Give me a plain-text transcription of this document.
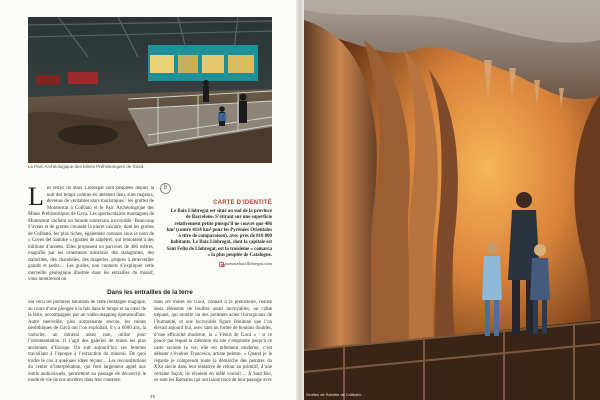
Le Parc Archéologique des Mines Préhistoriques de Gavà.
b
Les terres du Baix Llobregat sont peuplées depuis la nuit des temps comme en attestent deux sites majeurs, devenus de véritables stars touristiques : les grottes de Montserrat à Collbató et le Parc Archéologique des Mines Préhistoriques de Gavà. Les spectaculaires montagnes de Montserrat cachent un monde souterrain incroyable. Beaucoup d’avens et de grottes creusent la pierre calcaire, dont les grottes de Collbató, les plus riches, également connues sous le nom de « Coves del Salnitre » (grottes de salpêtre), qui remontent à des millions d’années. Elles proposent un parcours de 400 mètres, magnifié par les ornements minéraux des stalagmites, des stalactites, des chandelles, des draperies, propres à émerveiller grands et petits… Les guides, non contents d’expliquer cette merveille géologique illustrée dans les entrailles du massif, vous montreront où
CARTE D’IDENTITÉ
Le Baix Llobregat est situé au sud de la province de Barcelone. S’étirant sur une superficie relativement petite puisqu’il ne couvre que 486 km² (contre 4114 km² pour les Pyrénées Orientales à titre de comparaison), avec près de 810 000 habitants. Le Baix Llobregat, dont la capitale est Sant Feliu de Llobregat, est la troisième « comarca » la plus peuplée de Catalogne.
turismebaixllobregat.com
Dans les entrailles de la terre
ont vécu les premiers habitants de cette montagne magique, au cours d’une plongée à la fois dans le temps et au cœur de la terre, accompagnés par un vidéo-mapping époustouflant. Autre merveille, plus surprenante encore, les mines néolithiques de Gavà ont l’on exploitait, il y a 6000 ans, la variscite, un minéral assez rare, utilisé pour l’ornementation. Il s’agit des galeries de mines les plus anciennes d’Europe. On suit aujourd’hui ces femmes travaillant à l’époque à l’extraction du minerai. De quoi tordre le cou à quelques idées reçues… Les reconstitutions du centre d’interprétation, qui font largement appel aux outils audiovisuels, permettent au passage de découvrir le mode de vie de nos ancêtres dans leur contexte.
dans les mines de Gavà, connaît à la préhistoire, réalisé deux éléments de fouilles assez incroyables, un crâne trépané, qui montre un des premiers actes chirurgicaux de l’humanité, et une incroyable figure féminine que l’on élevait aujourd’hui, avec sans un forme de boutons doublés, d’une efficacité moderne, la « Vénus de Gavà » : si ce pouce par lequel la mémoire du site s’emprunte jusqu’à ce carte raconte la vie, elle est tellement moderne, c’est débuter s’évaluer Francesca, artiste peintre. « Quand je le regarde je comprends toute la démarche des peintres du XXe siècle dans leur tentative de retour au primitif, d’une certaine façon, ils rêvaient en mêlé vouloir… À Sant Boi, ce sont les Romains qui ont laissé trace de leur passage avec
45	Grottes de Salnitre de Collbató.
